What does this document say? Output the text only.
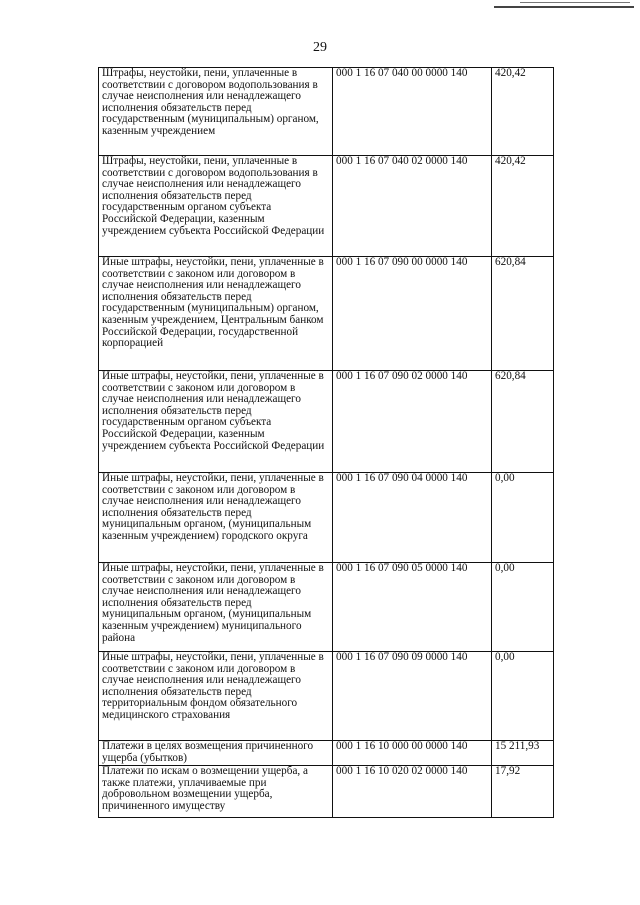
29
Штрафы, неустойки, пени, уплаченные в соответствии с договором водопользования в случае неисполнения или ненадлежащего исполнения обязательств перед государственным (муниципальным) органом, казенным учреждением	000 1 16 07 040 00 0000 140	420,42
Штрафы, неустойки, пени, уплаченные в соответствии с договором водопользования в случае неисполнения или ненадлежащего исполнения обязательств перед государственным органом субъекта Российской Федерации, казенным учреждением субъекта Российской Федерации	000 1 16 07 040 02 0000 140	420,42
Иные штрафы, неустойки, пени, уплаченные в соответствии с законом или договором в случае неисполнения или ненадлежащего исполнения обязательств перед государственным (муниципальным) органом, казенным учреждением, Центральным банком Российской Федерации, государственной корпорацией	000 1 16 07 090 00 0000 140	620,84
Иные штрафы, неустойки, пени, уплаченные в соответствии с законом или договором в случае неисполнения или ненадлежащего исполнения обязательств перед государственным органом субъекта Российской Федерации, казенным учреждением субъекта Российской Федерации	000 1 16 07 090 02 0000 140	620,84
Иные штрафы, неустойки, пени, уплаченные в соответствии с законом или договором в случае неисполнения или ненадлежащего исполнения обязательств перед муниципальным органом, (муниципальным казенным учреждением) городского округа	000 1 16 07 090 04 0000 140	0,00
Иные штрафы, неустойки, пени, уплаченные в соответствии с законом или договором в случае неисполнения или ненадлежащего исполнения обязательств перед муниципальным органом, (муниципальным казенным учреждением) муниципального района	000 1 16 07 090 05 0000 140	0,00
Иные штрафы, неустойки, пени, уплаченные в соответствии с законом или договором в случае неисполнения или ненадлежащего исполнения обязательств перед территориальным фондом обязательного медицинского страхования	000 1 16 07 090 09 0000 140	0,00
Платежи в целях возмещения причиненного ущерба (убытков)	000 1 16 10 000 00 0000 140	15 211,93
Платежи по искам о возмещении ущерба, а также платежи, уплачиваемые при добровольном возмещении ущерба, причиненного имуществу	000 1 16 10 020 02 0000 140	17,92
